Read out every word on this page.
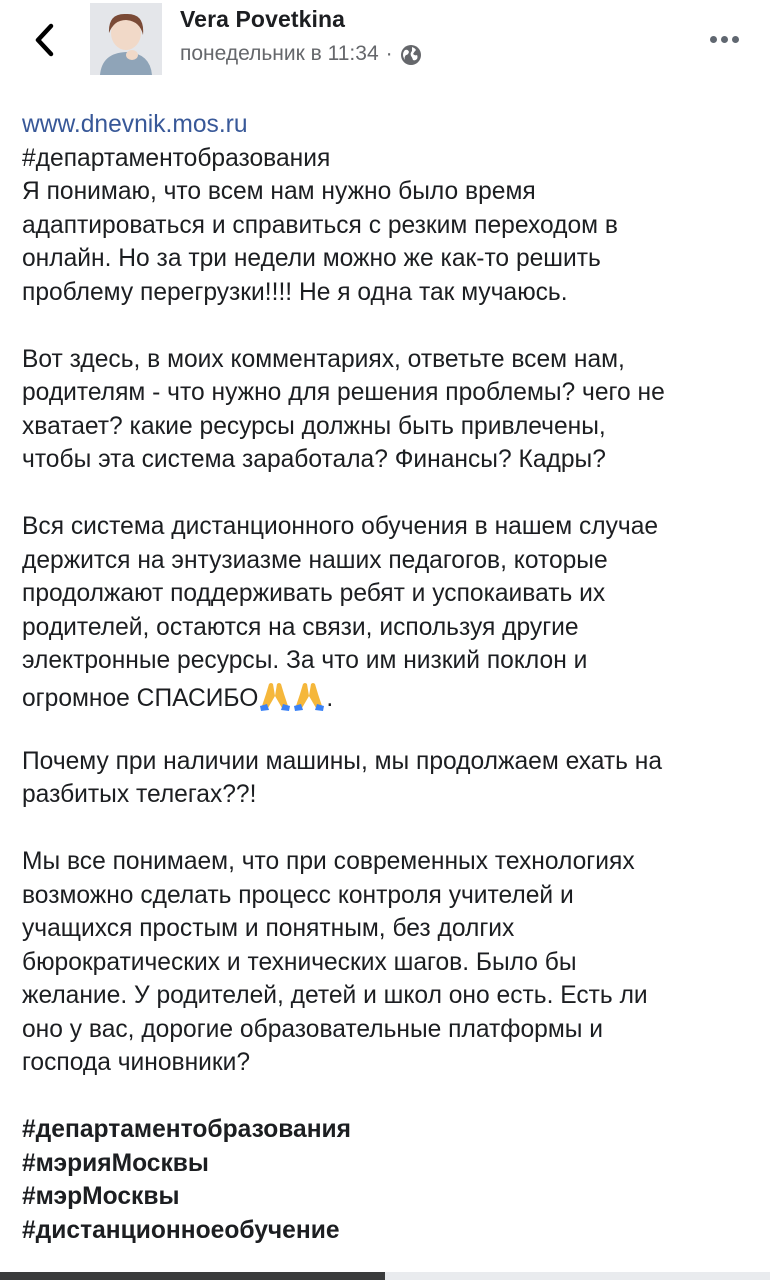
Vera Povetkina
понедельник в 11:34 ·
www.dnevnik.mos.ru
#департаментобразования
Я понимаю, что всем нам нужно было время
адаптироваться и справиться с резким переходом в
онлайн. Но за три недели можно же как-то решить
проблему перегрузки!!!! Не я одна так мучаюсь.
Вот здесь, в моих комментариях, ответьте всем нам,
родителям - что нужно для решения проблемы? чего не
хватает? какие ресурсы должны быть привлечены,
чтобы эта система заработала? Финансы? Кадры?
Вся система дистанционного обучения в нашем случае
держится на энтузиазме наших педагогов, которые
продолжают поддерживать ребят и успокаивать их
родителей, остаются на связи, используя другие
электронные ресурсы. За что им низкий поклон и
огромное СПАСИБО	.
Почему при наличии машины, мы продолжаем ехать на
разбитых телегах??!
Мы все понимаем, что при современных технологиях
возможно сделать процесс контроля учителей и
учащихся простым и понятным, без долгих
бюрократических и технических шагов. Было бы
желание. У родителей, детей и школ оно есть. Есть ли
оно у вас, дорогие образовательные платформы и
господа чиновники?
#департаментобразования
#мэрияМосквы
#мэрМосквы
#дистанционноеобучение
